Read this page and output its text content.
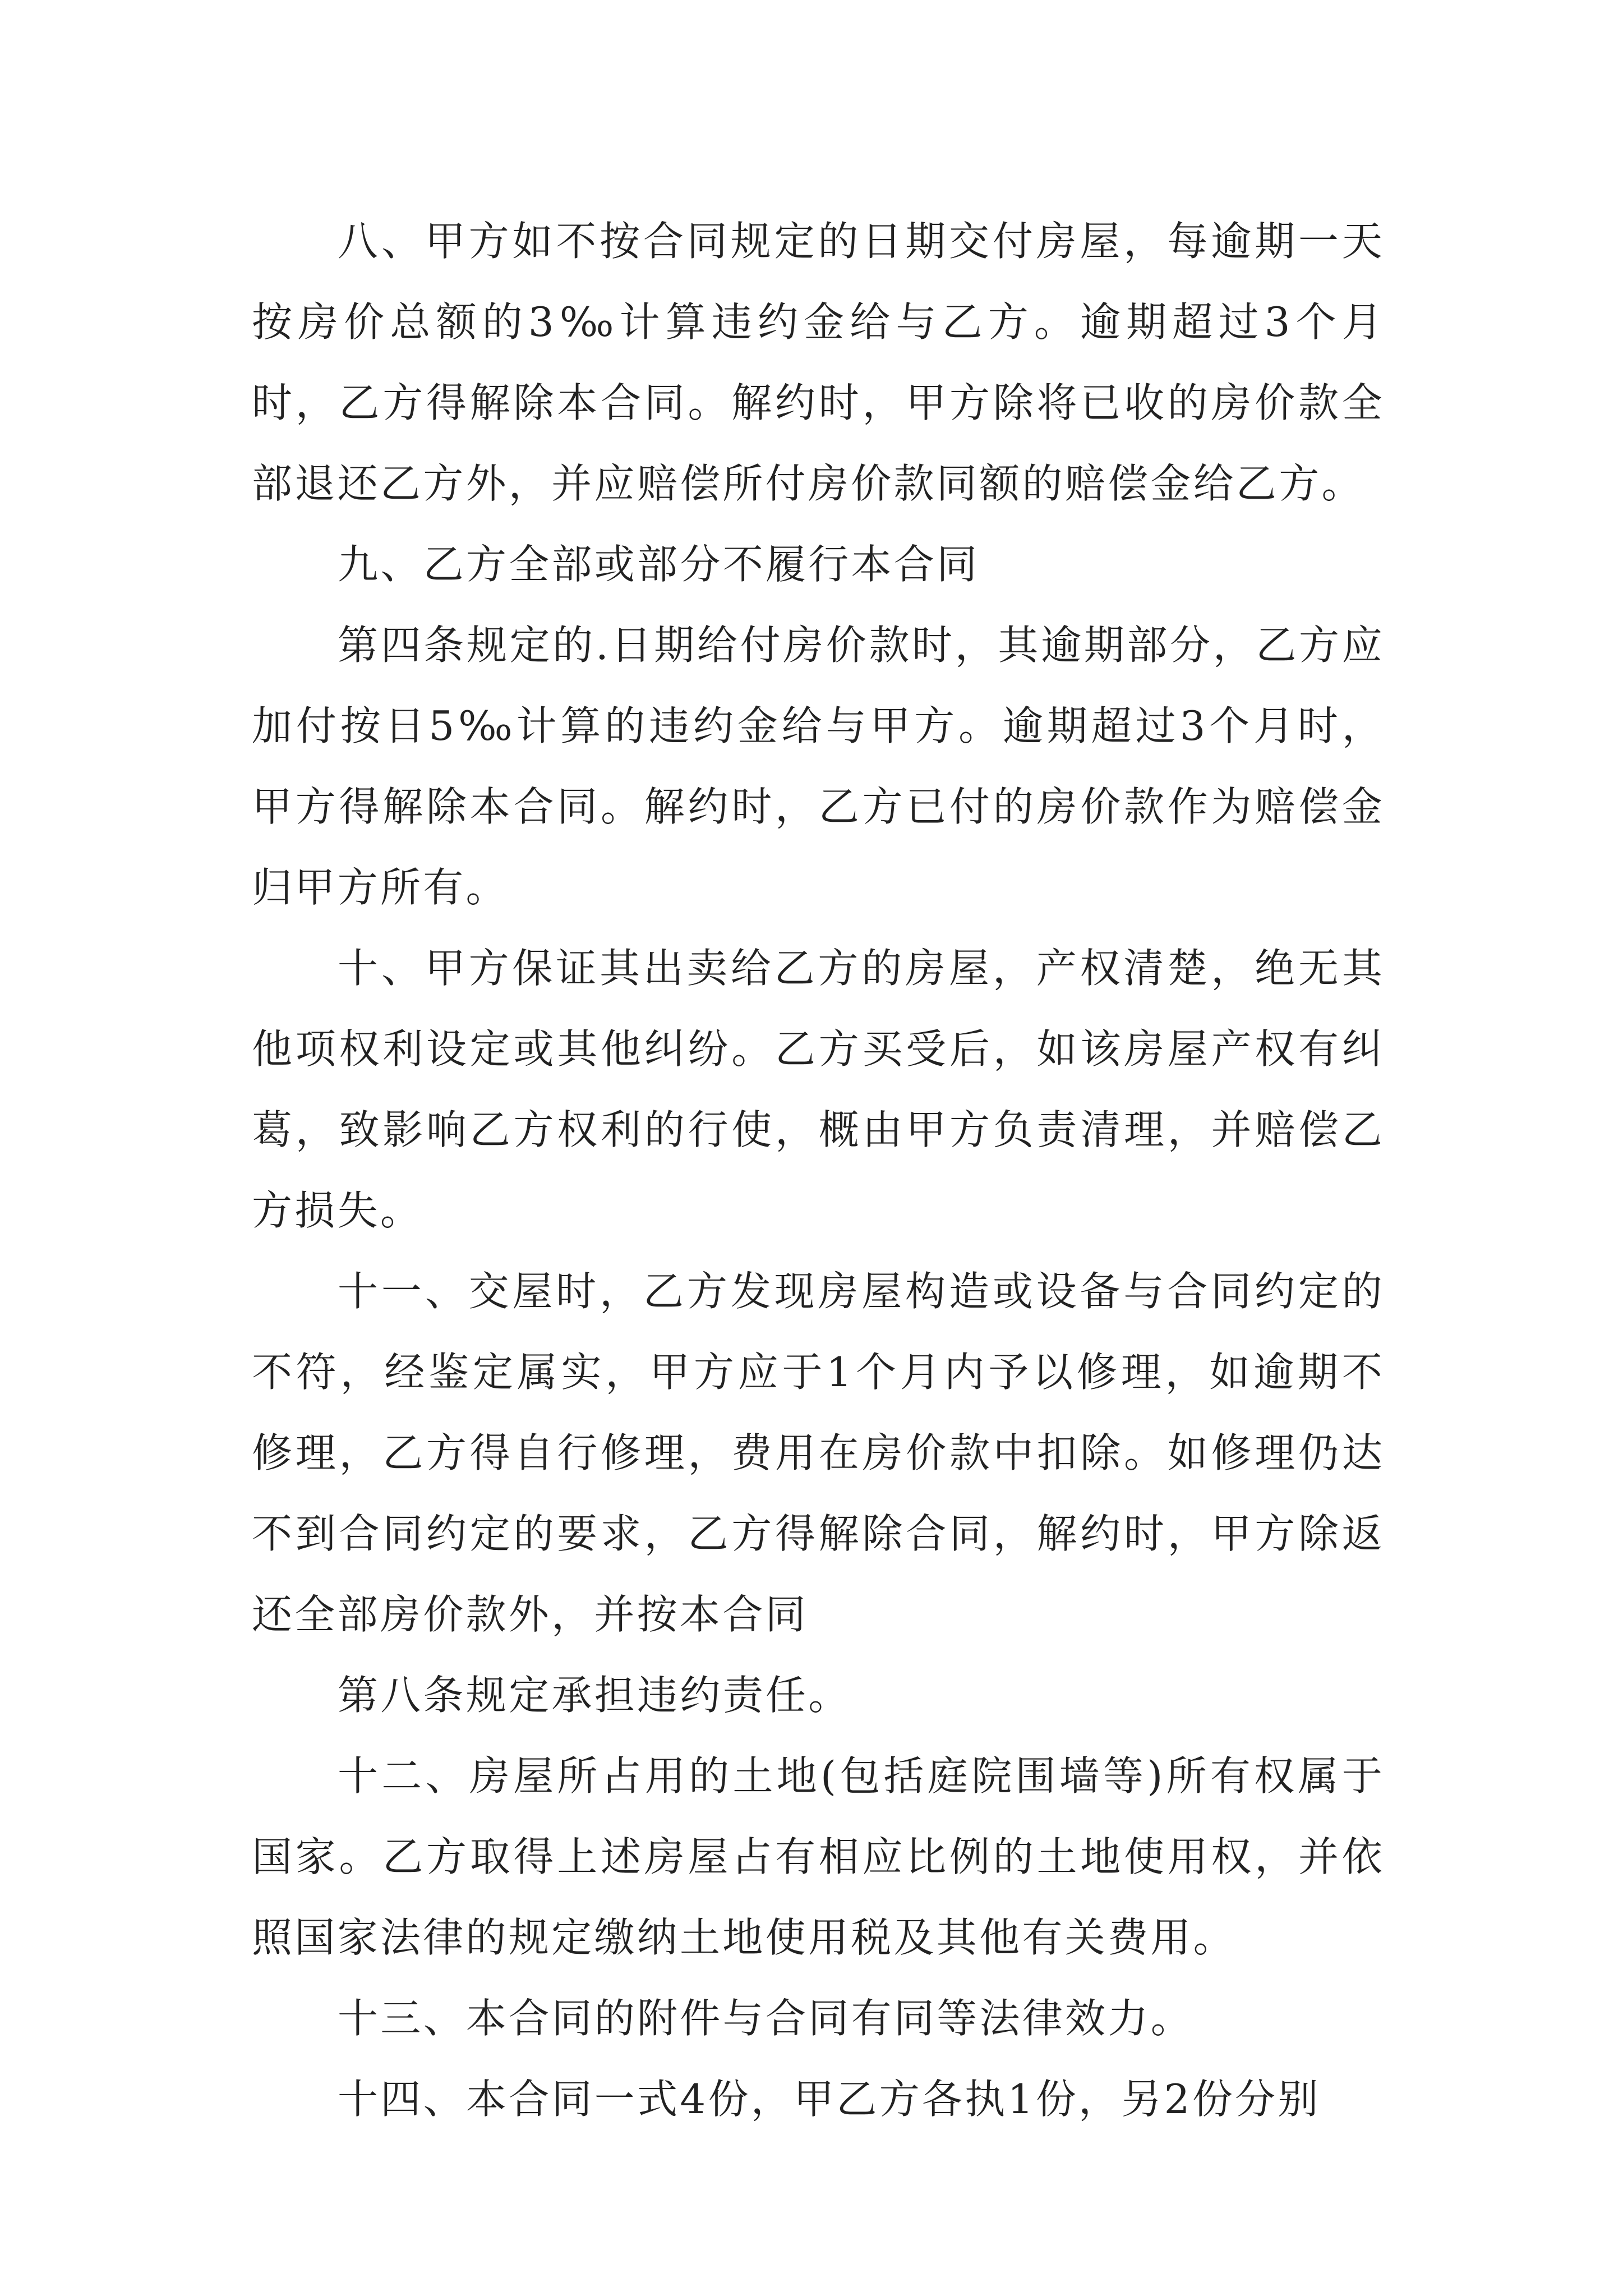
八、甲方如不按合同规定的日期交付房屋，每逾期一天按房价总额的3‰计算违约金给与乙方。逾期超过3个月时，乙方得解除本合同。解约时，甲方除将已收的房价款全部退还乙方外，并应赔偿所付房价款同额的赔偿金给乙方。

九、乙方全部或部分不履行本合同

第四条规定的.日期给付房价款时，其逾期部分，乙方应加付按日5‰计算的违约金给与甲方。逾期超过3个月时，甲方得解除本合同。解约时，乙方已付的房价款作为赔偿金归甲方所有。

十、甲方保证其出卖给乙方的房屋，产权清楚，绝无其他项权利设定或其他纠纷。乙方买受后，如该房屋产权有纠葛，致影响乙方权利的行使，概由甲方负责清理，并赔偿乙方损失。

十一、交屋时，乙方发现房屋构造或设备与合同约定的不符，经鉴定属实，甲方应于1个月内予以修理，如逾期不修理，乙方得自行修理，费用在房价款中扣除。如修理仍达不到合同约定的要求，乙方得解除合同，解约时，甲方除返还全部房价款外，并按本合同

第八条规定承担违约责任。

十二、房屋所占用的土地(包括庭院围墙等)所有权属于国家。乙方取得上述房屋占有相应比例的土地使用权，并依照国家法律的规定缴纳土地使用税及其他有关费用。

十三、本合同的附件与合同有同等法律效力。

十四、本合同一式4份，甲乙方各执1份，另2份分别
